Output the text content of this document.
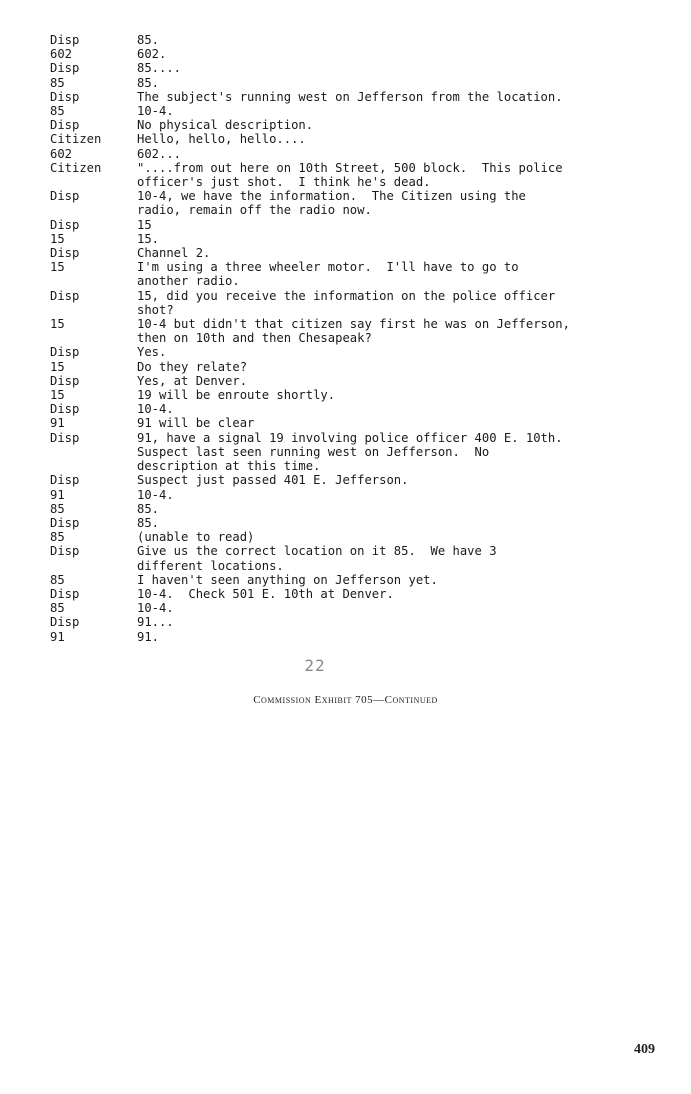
Disp	85.
602	602.
Disp	85....
85	85.
Disp	The subject's running west on Jefferson from the location.
85	10-4.
Disp	No physical description.
Citizen	Hello, hello, hello....
602	602...
Citizen	"....from out here on 10th Street, 500 block.  This police
officer's just shot.  I think he's dead.
Disp	10-4, we have the information.  The Citizen using the
radio, remain off the radio now.
Disp	15
15	15.
Disp	Channel 2.
15	I'm using a three wheeler motor.  I'll have to go to
another radio.
Disp	15, did you receive the information on the police officer
shot?
15	10-4 but didn't that citizen say first he was on Jefferson,
then on 10th and then Chesapeak?
Disp	Yes.
15	Do they relate?
Disp	Yes, at Denver.
15	19 will be enroute shortly.
Disp	10-4.
91	91 will be clear
Disp	91, have a signal 19 involving police officer 400 E. 10th.
Suspect last seen running west on Jefferson.  No
description at this time.
Disp	Suspect just passed 401 E. Jefferson.
91	10-4.
85	85.
Disp	85.
85	(unable to read)
Disp	Give us the correct location on it 85.  We have 3
different locations.
85	I haven't seen anything on Jefferson yet.
Disp	10-4.  Check 501 E. 10th at Denver.
85	10-4.
Disp	91...
91	91.
22
Commission Exhibit 705—Continued
409
